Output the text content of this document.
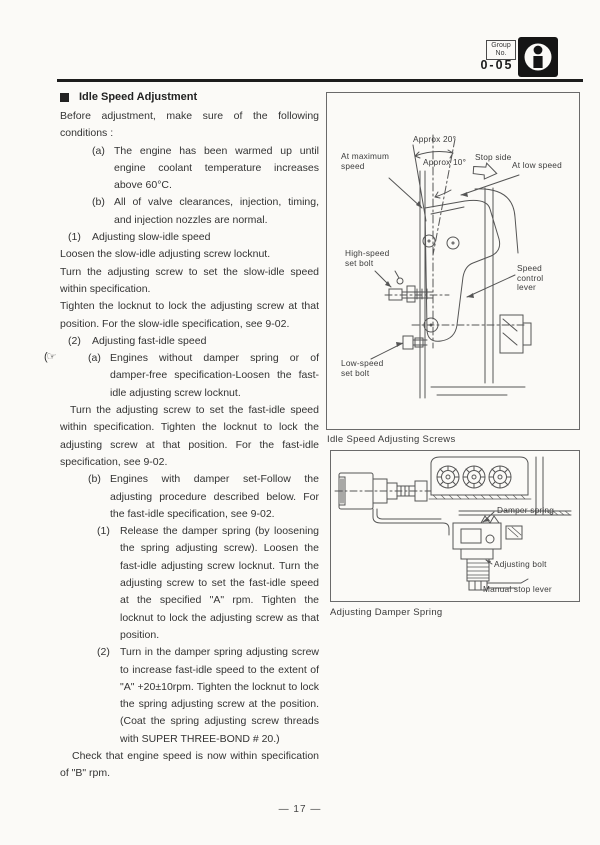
Group
No.
0-05
Idle Speed Adjustment

Before adjustment, make sure of the following conditions :

(a) The engine has been warmed up until engine coolant temperature increases above 60°C.
(b) All of valve clearances, injection, timing, and injection nozzles are normal.
(1) Adjusting slow-idle speed

Loosen the slow-idle adjusting screw locknut.

Turn the adjusting screw to set the slow-idle speed within specification.

Tighten the locknut to lock the adjusting screw at that position. For the slow-idle specification, see 9-02.

(2) Adjusting fast-idle speed
(☞	(a) Engines without damper spring or of damper-free specification-Loosen the fast-idle adjusting screw locknut.

Turn the adjusting screw to set the fast-idle speed within specification. Tighten the locknut to lock the adjusting screw at that position. For the fast-idle specification, see 9-02.

(b) Engines with damper set-Follow the adjusting procedure described below. For the fast-idle specification, see 9-02.
(1) Release the damper spring (by loosening the spring adjusting screw). Loosen the fast-idle adjusting screw locknut. Turn the adjusting screw to set the fast-idle speed at the specified "A" rpm. Tighten the locknut to lock the adjusting screw as that position.
(2) Turn in the damper spring adjusting screw to increase fast-idle speed to the extent of "A" +20±10rpm. Tighten the locknut to lock the spring adjusting screw at the position. (Coat the spring adjusting screw threads with SUPER THREE-BOND # 20.)

Check that engine speed is now within specification of "B" rpm.

Approx 20°
At maximum speed	Approx 10° Stop side
At low speed
High-speed set bolt
Speed control lever
Low-speed set bolt
Idle Speed Adjusting Screws
Damper spring
Adjusting bolt
Manual stop lever
Adjusting Damper Spring
— 17 —
